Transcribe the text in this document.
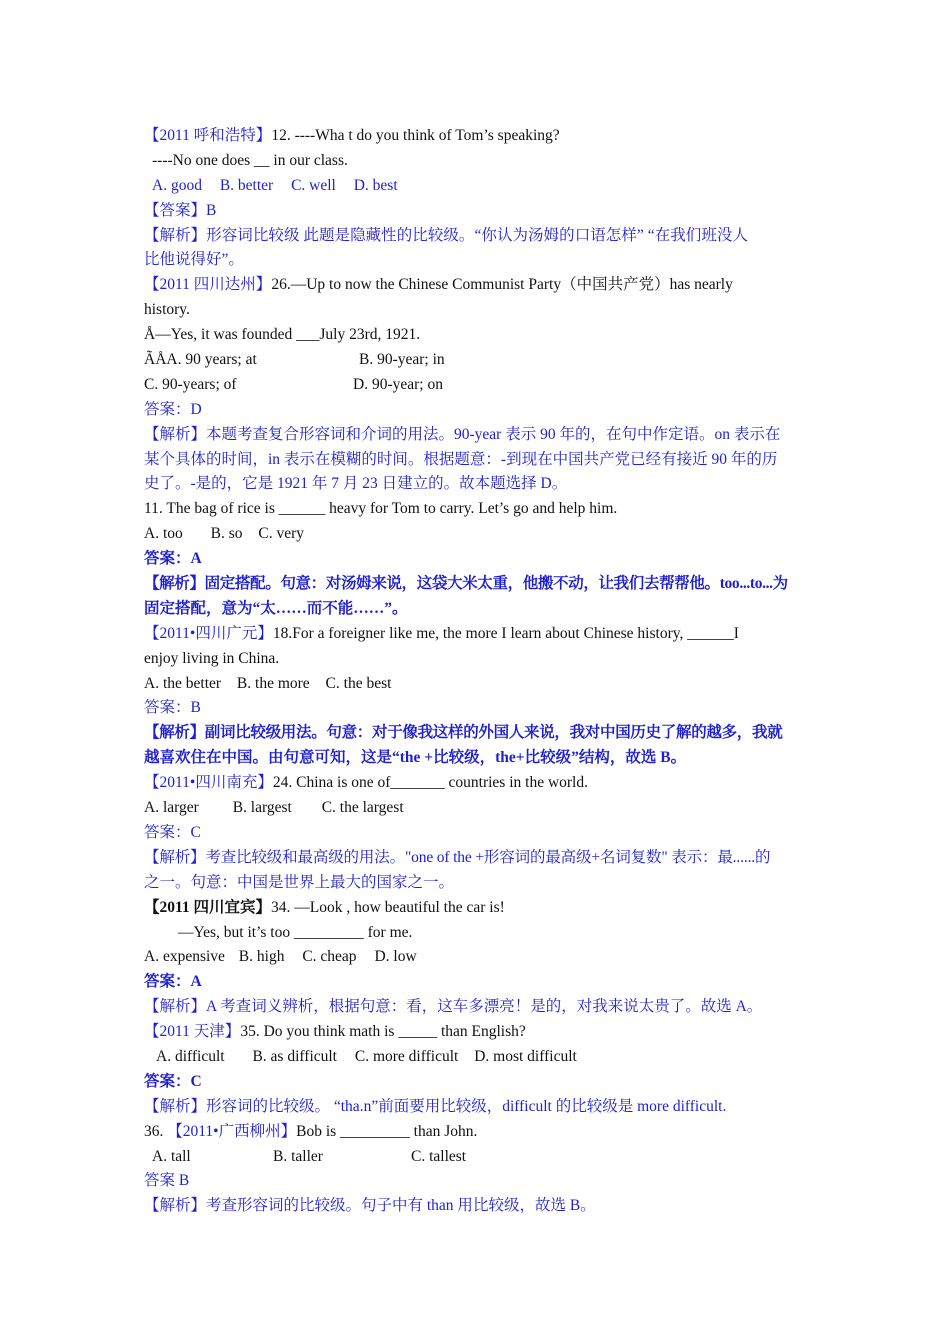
【2011 呼和浩特】12. ----Wha t do you think of Tom’s speaking?
----No one does __ in our class.
A. good B. better C. well D. best
【答案】B
【解析】形容词比较级 此题是隐藏性的比较级。“你认为汤姆的口语怎样” “在我们班没人
比他说得好”。
【2011 四川达州】26.—Up to now the Chinese Communist Party（中国共产党）has nearly
history.
Å—Yes, it was founded ___July 23rd, 1921.
ÃÅA. 90 years; at	B. 90-year; in
C. 90-years; of	D. 90-year; on
答案：D
【解析】本题考查复合形容词和介词的用法。90-year 表示 90 年的，在句中作定语。on 表示在
某个具体的时间，in 表示在模糊的时间。根据题意：-到现在中国共产党已经有接近 90 年的历
史了。-是的，它是 1921 年 7 月 23 日建立的。故本题选择 D。
11. The bag of rice is ______ heavy for Tom to carry. Let’s go and help him.
A. too B. so C. very
答案：A
【解析】固定搭配。句意：对汤姆来说，这袋大米太重，他搬不动，让我们去帮帮他。too...to...为
固定搭配，意为“太……而不能……”。
【2011•四川广元】18.For a foreigner like me, the more I learn about Chinese history, ______I
enjoy living in China.
A. the better B. the more C. the best
答案：B
【解析】副词比较级用法。句意：对于像我这样的外国人来说，我对中国历史了解的越多，我就
越喜欢住在中国。由句意可知，这是“the +比较级，the+比较级”结构，故选 B。
【2011•四川南充】24. China is one of_______ countries in the world.
A. larger B. largest C. the largest
答案：C
【解析】考查比较级和最高级的用法。"one of the +形容词的最高级+名词复数" 表示：最......的
之一。句意：中国是世界上最大的国家之一。
【2011 四川宜宾】34. —Look , how beautiful the car is!
—Yes, but it’s too _________ for me.
A. expensive B. high C. cheap D. low
答案：A
【解析】A 考查词义辨析，根据句意：看，这车多漂亮！是的，对我来说太贵了。故选 A。
【2011 天津】35. Do you think math is _____ than English?
A. difficult B. as difficult C. more difficult D. most difficult
答案：C
【解析】形容词的比较级。 “tha.n”前面要用比较级，difficult 的比较级是 more difficult.
36. 【2011•广西柳州】Bob is _________ than John.
A. tall	B. taller	C. tallest
答案 B
【解析】考查形容词的比较级。句子中有 than 用比较级，故选 B。
